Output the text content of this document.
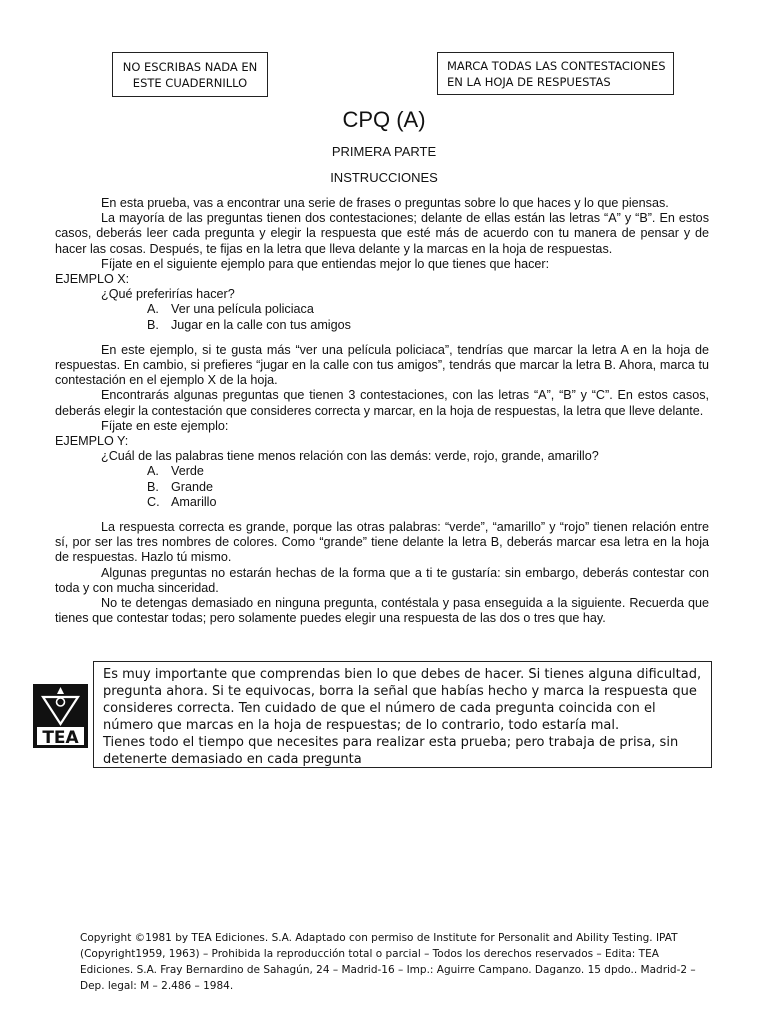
NO ESCRIBAS NADA EN
ESTE CUADERNILLO
MARCA TODAS LAS CONTESTACIONES
EN LA HOJA DE RESPUESTAS
CPQ (A)
PRIMERA PARTE
INSTRUCCIONES

En esta prueba, vas a encontrar una serie de frases o preguntas sobre lo que haces y lo que piensas.

La mayoría de las preguntas tienen dos contestaciones; delante de ellas están las letras “A” y “B”. En estos casos, deberás leer cada pregunta y elegir la respuesta que esté más de acuerdo con tu manera de pensar y de hacer las cosas. Después, te fijas en la letra que lleva delante y la marcas en la hoja de respuestas.

Fíjate en el siguiente ejemplo para que entiendas mejor lo que tienes que hacer:

EJEMPLO X:

¿Qué preferirías hacer?

A. Ver una película policiaca
B. Jugar en la calle con tus amigos

En este ejemplo, si te gusta más “ver una película policiaca”, tendrías que marcar la letra A en la hoja de respuestas. En cambio, si prefieres “jugar en la calle con tus amigos”, tendrás que marcar la letra B. Ahora, marca tu contestación en el ejemplo X de la hoja.

Encontrarás algunas preguntas que tienen 3 contestaciones, con las letras “A”, “B” y “C”. En estos casos, deberás elegir la contestación que consideres correcta y marcar, en la hoja de respuestas, la letra que lleve delante.

Fíjate en este ejemplo:

EJEMPLO Y:

¿Cuál de las palabras tiene menos relación con las demás: verde, rojo, grande, amarillo?

A. Verde
B. Grande
C. Amarillo

La respuesta correcta es grande, porque las otras palabras: “verde”, “amarillo” y “rojo” tienen relación entre sí, por ser las tres nombres de colores. Como “grande” tiene delante la letra B, deberás marcar esa letra en la hoja de respuestas. Hazlo tú mismo.

Algunas preguntas no estarán hechas de la forma que a ti te gustaría: sin embargo, deberás contestar con toda y con mucha sinceridad.

No te detengas demasiado en ninguna pregunta, contéstala y pasa enseguida a la siguiente. Recuerda que tienes que contestar todas; pero solamente puedes elegir una respuesta de las dos o tres que hay.

TEA

Es muy importante que comprendas bien lo que debes de hacer. Si tienes alguna dificultad, pregunta ahora. Si te equivocas, borra la señal que habías hecho y marca la respuesta que consideres correcta. Ten cuidado de que el número de cada pregunta coincida con el número que marcas en la hoja de respuestas; de lo contrario, todo estaría mal.

Tienes todo el tiempo que necesites para realizar esta prueba; pero trabaja de prisa, sin detenerte demasiado en cada pregunta

Copyright ©1981 by TEA Ediciones. S.A. Adaptado con permiso de Institute for Personalit and Ability Testing. IPAT (Copyright1959, 1963) – Prohibida la reproducción total o parcial – Todos los derechos reservados – Edita: TEA Ediciones. S.A. Fray Bernardino de Sahagún, 24 – Madrid-16 – Imp.: Aguirre Campano. Daganzo. 15 dpdo.. Madrid-2 – Dep. legal: M – 2.486 – 1984.
